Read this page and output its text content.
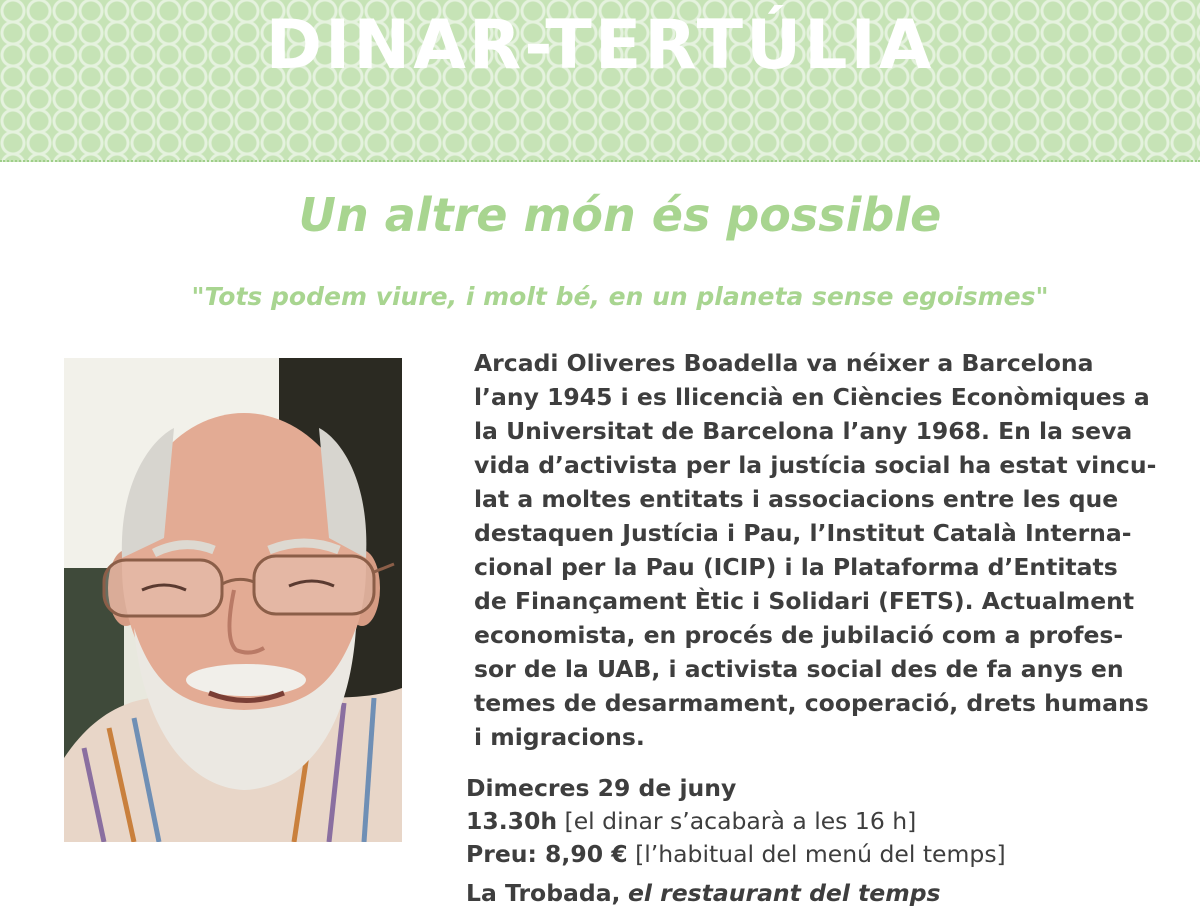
DINAR-TERTÚLIA
Un altre món és possible
"Tots podem viure, i molt bé, en un planeta sense egoismes"
Arcadi Oliveres Boadella va néixer a Barcelona
l’any 1945 i es llicencià en Ciències Econòmiques a
la Universitat de Barcelona l’any 1968. En la seva
vida d’activista per la justícia social ha estat vincu-
lat a moltes entitats i associacions entre les que
destaquen Justícia i Pau, l’Institut Català Interna-
cional per la Pau (ICIP) i la Plataforma d’Entitats
de Finançament Ètic i Solidari (FETS). Actualment
economista, en procés de jubilació com a profes-
sor de la UAB, i activista social des de fa anys en
temes de desarmament, cooperació, drets humans
i migracions.
Dimecres 29 de juny
13.30h [el dinar s’acabarà a les 16 h]
Preu: 8,90 € [l’habitual del menú del temps]
La Trobada, el restaurant del temps
